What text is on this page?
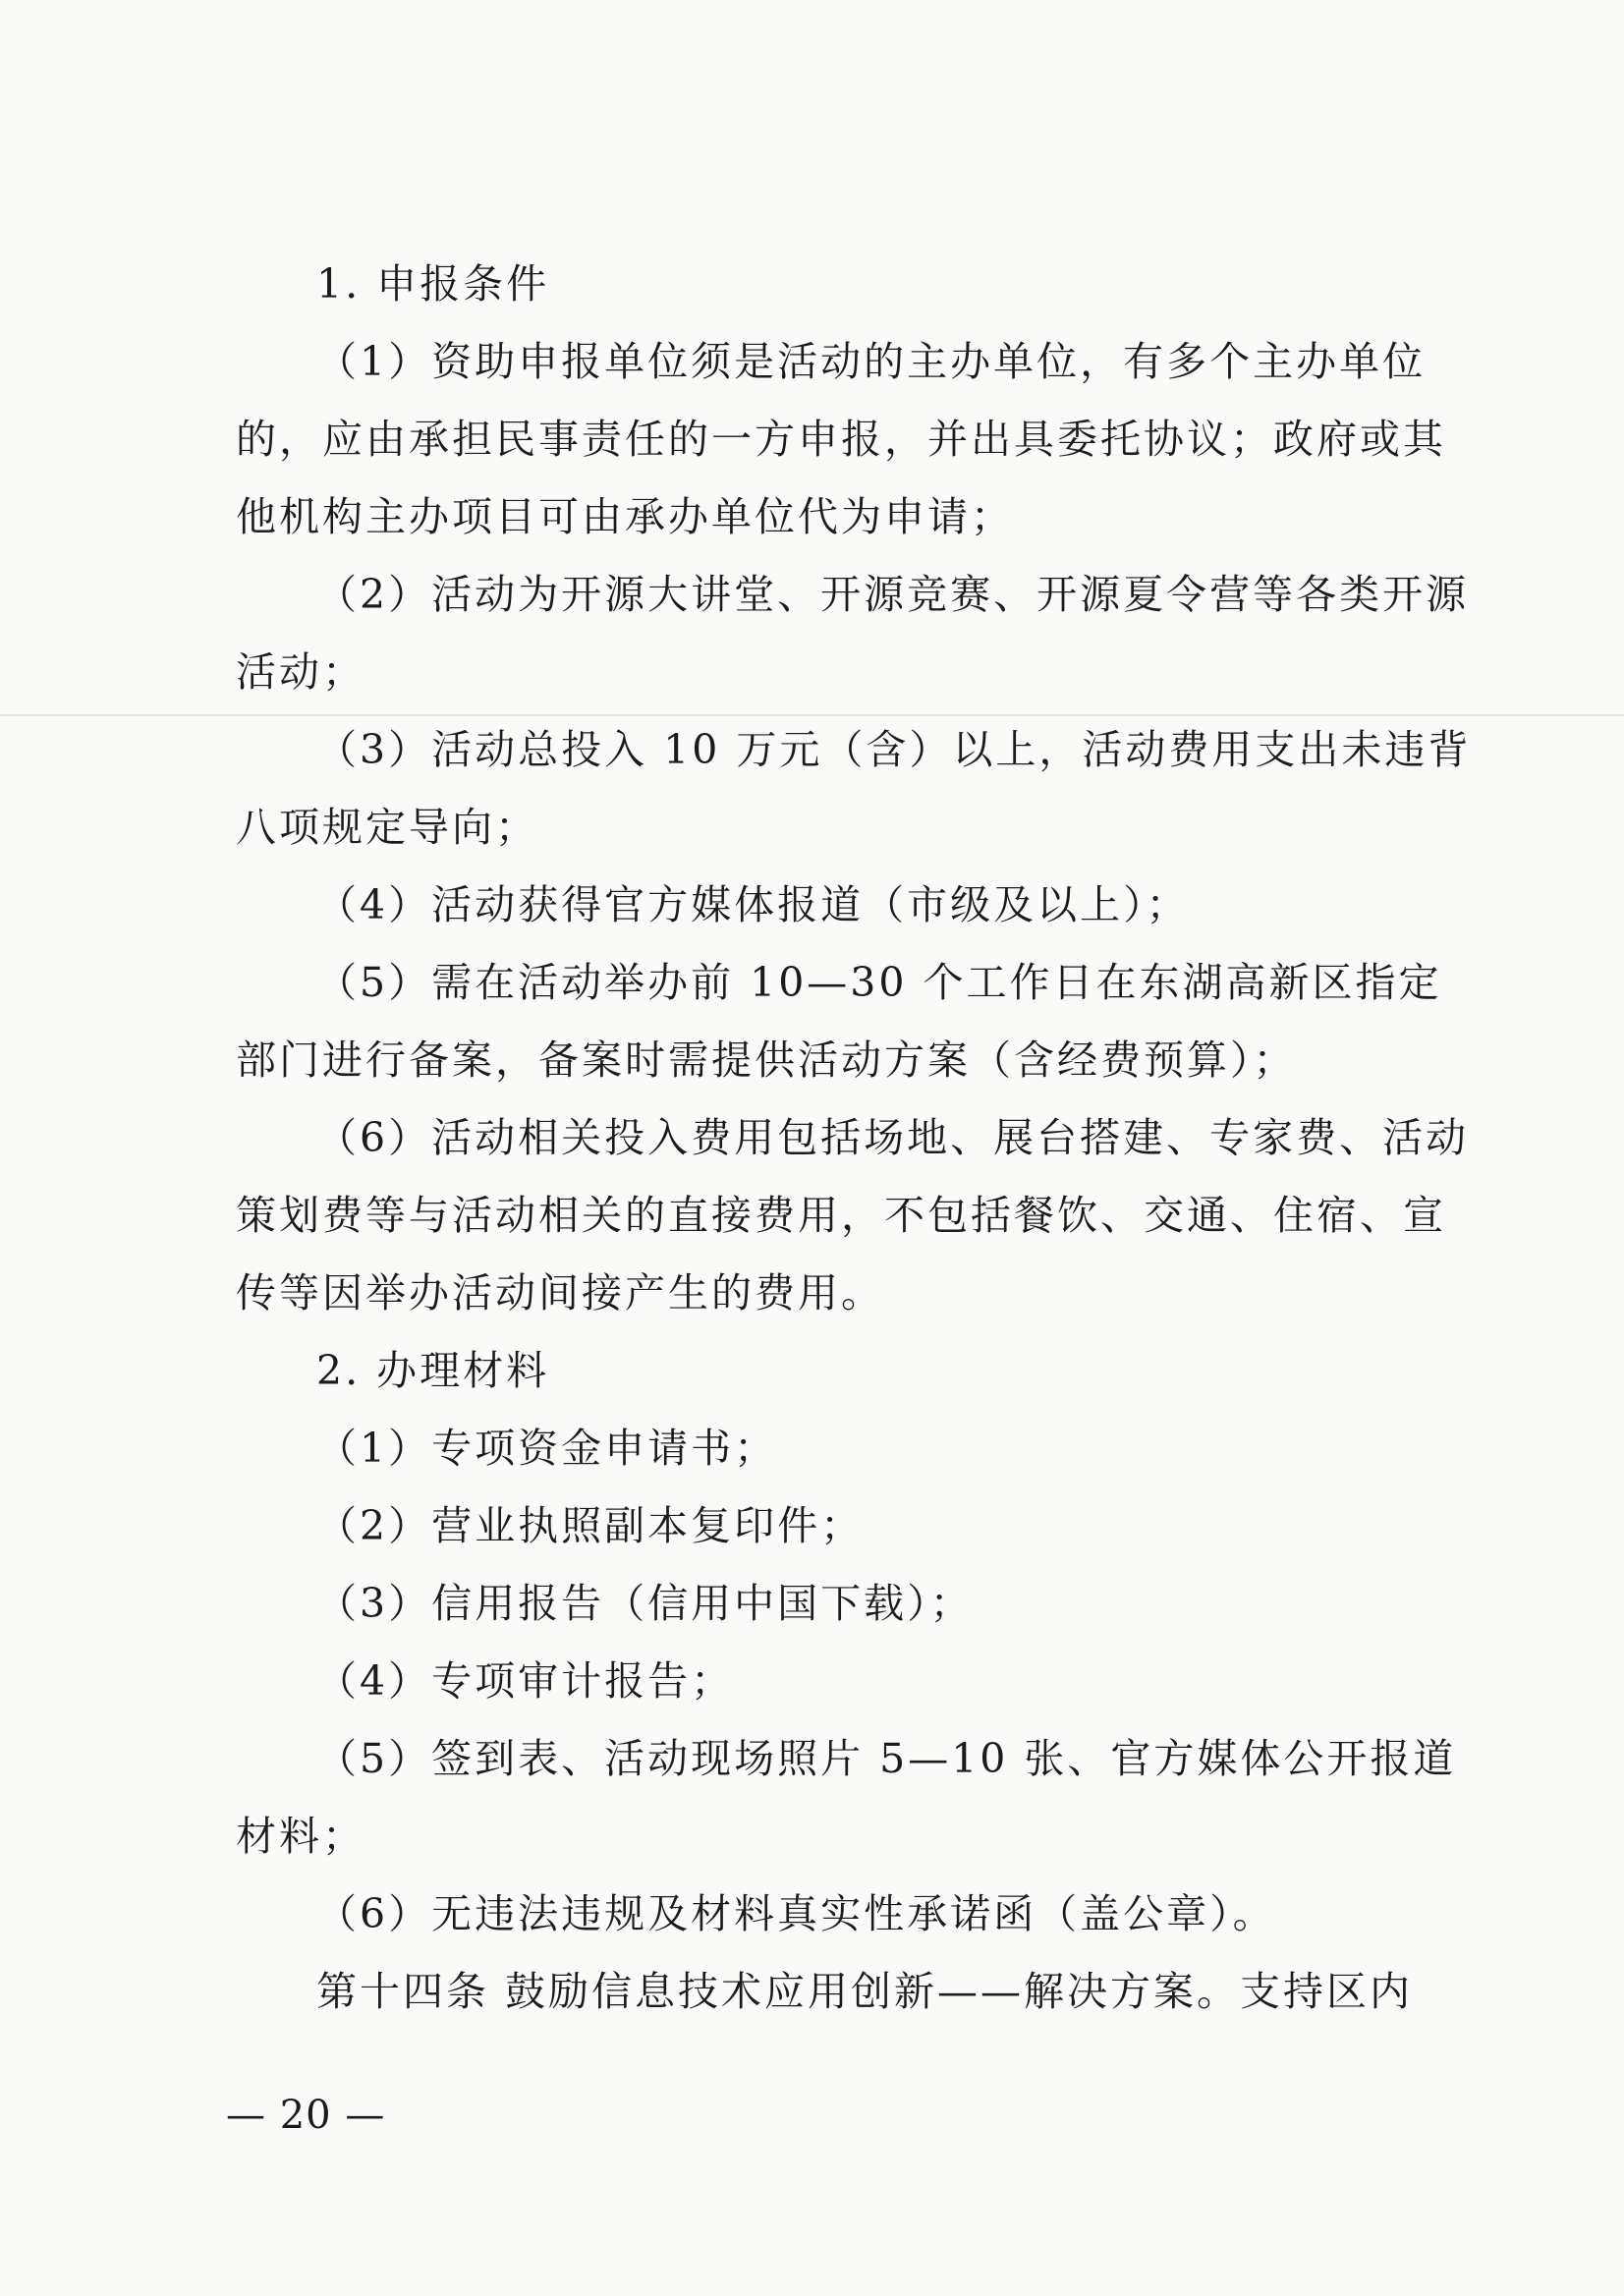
1. 申报条件

（1）资助申报单位须是活动的主办单位，有多个主办单位的，应由承担民事责任的一方申报，并出具委托协议；政府或其他机构主办项目可由承办单位代为申请；

（2）活动为开源大讲堂、开源竞赛、开源夏令营等各类开源活动；

（3）活动总投入 10 万元（含）以上，活动费用支出未违背八项规定导向；

（4）活动获得官方媒体报道（市级及以上）；

（5）需在活动举办前 10—30 个工作日在东湖高新区指定部门进行备案，备案时需提供活动方案（含经费预算）；

（6）活动相关投入费用包括场地、展台搭建、专家费、活动策划费等与活动相关的直接费用，不包括餐饮、交通、住宿、宣传等因举办活动间接产生的费用。

2. 办理材料

（1）专项资金申请书；

（2）营业执照副本复印件；

（3）信用报告（信用中国下载）；

（4）专项审计报告；

（5）签到表、活动现场照片 5—10 张、官方媒体公开报道材料；

（6）无违法违规及材料真实性承诺函（盖公章）。

第十四条 鼓励信息技术应用创新——解决方案。支持区内

— 20 —
